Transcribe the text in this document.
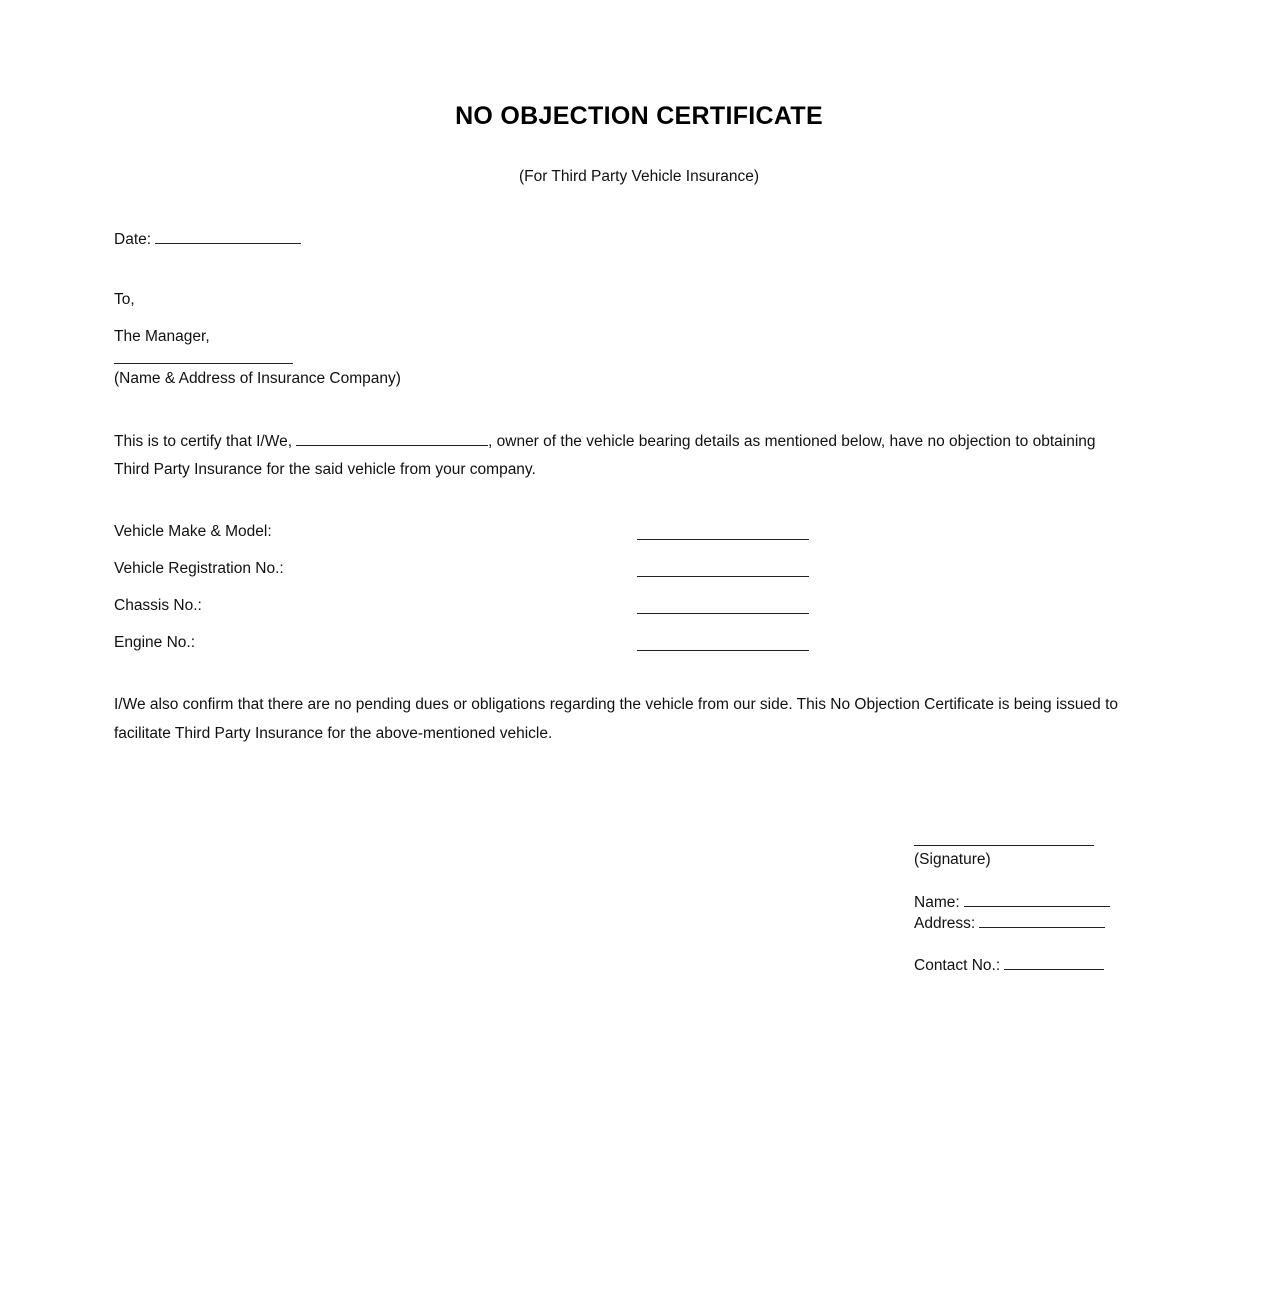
NO OBJECTION CERTIFICATE
(For Third Party Vehicle Insurance)
Date:
To,
The Manager,
(Name & Address of Insurance Company)
This is to certify that I/We,	, owner of the vehicle bearing details as mentioned below, have no objection to obtaining
Third Party Insurance for the said vehicle from your company.
Vehicle Make & Model:
Vehicle Registration No.:
Chassis No.:
Engine No.:
I/We also confirm that there are no pending dues or obligations regarding the vehicle from our side. This No Objection Certificate is being issued to facilitate Third Party Insurance for the above-mentioned vehicle.
(Signature)
Name:
Address:
Contact No.:
